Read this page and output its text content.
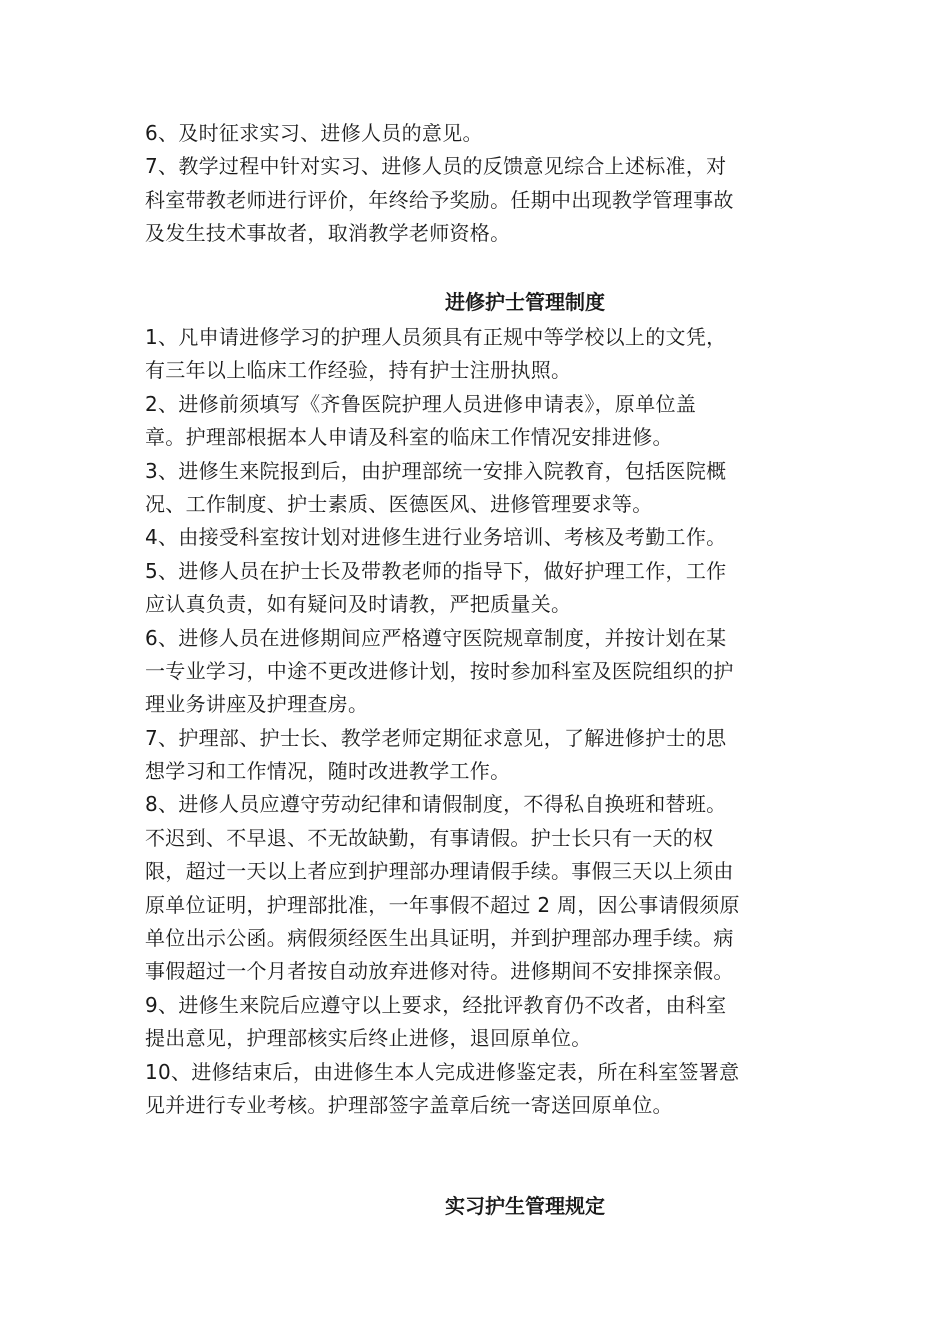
6、及时征求实习、进修人员的意见。
7、教学过程中针对实习、进修人员的反馈意见综合上述标准，对
科室带教老师进行评价，年终给予奖励。任期中出现教学管理事故
及发生技术事故者，取消教学老师资格。
进修护士管理制度
1、凡申请进修学习的护理人员须具有正规中等学校以上的文凭，
有三年以上临床工作经验，持有护士注册执照。
2、进修前须填写《齐鲁医院护理人员进修申请表》，原单位盖
章。护理部根据本人申请及科室的临床工作情况安排进修。
3、进修生来院报到后，由护理部统一安排入院教育，包括医院概
况、工作制度、护士素质、医德医风、进修管理要求等。
4、由接受科室按计划对进修生进行业务培训、考核及考勤工作。
5、进修人员在护士长及带教老师的指导下，做好护理工作，工作
应认真负责，如有疑问及时请教，严把质量关。
6、进修人员在进修期间应严格遵守医院规章制度，并按计划在某
一专业学习，中途不更改进修计划，按时参加科室及医院组织的护
理业务讲座及护理查房。
7、护理部、护士长、教学老师定期征求意见，了解进修护士的思
想学习和工作情况，随时改进教学工作。
8、进修人员应遵守劳动纪律和请假制度，不得私自换班和替班。
不迟到、不早退、不无故缺勤，有事请假。护士长只有一天的权
限，超过一天以上者应到护理部办理请假手续。事假三天以上须由
原单位证明，护理部批准，一年事假不超过 2 周，因公事请假须原
单位出示公函。病假须经医生出具证明，并到护理部办理手续。病
事假超过一个月者按自动放弃进修对待。进修期间不安排探亲假。
9、进修生来院后应遵守以上要求，经批评教育仍不改者，由科室
提出意见，护理部核实后终止进修，退回原单位。
10、进修结束后，由进修生本人完成进修鉴定表，所在科室签署意
见并进行专业考核。护理部签字盖章后统一寄送回原单位。
实习护生管理规定
